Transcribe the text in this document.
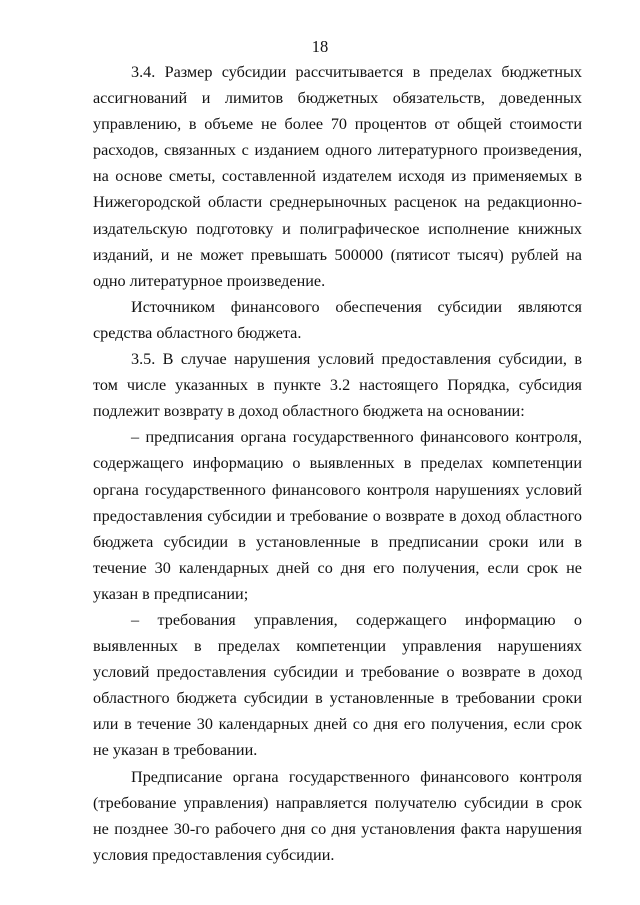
18

3.4. Размер субсидии рассчитывается в пределах бюджетных ассигнований и лимитов бюджетных обязательств, доведенных управлению, в объеме не более 70 процентов от общей стоимости расходов, связанных с изданием одного литературного произведения, на основе сметы, составленной издателем исходя из применяемых в Нижегородской области среднерыночных расценок на редакционно-издательскую подготовку и полиграфическое исполнение книжных изданий, и не может превышать 500000 (пятисот тысяч) рублей на одно литературное произведение.

Источником финансового обеспечения субсидии являются средства областного бюджета.

3.5. В случае нарушения условий предоставления субсидии, в том числе указанных в пункте 3.2 настоящего Порядка, субсидия подлежит возврату в доход областного бюджета на основании:

– предписания органа государственного финансового контроля, содержащего информацию о выявленных в пределах компетенции органа государственного финансового контроля нарушениях условий предоставления субсидии и требование о возврате в доход областного бюджета субсидии в установленные в предписании сроки или в течение 30 календарных дней со дня его получения, если срок не указан в предписании;

– требования управления, содержащего информацию о выявленных в пределах компетенции управления нарушениях условий предоставления субсидии и требование о возврате в доход областного бюджета субсидии в установленные в требовании сроки или в течение 30 календарных дней со дня его получения, если срок не указан в требовании.

Предписание органа государственного финансового контроля (требование управления) направляется получателю субсидии в срок не позднее 30-го рабочего дня со дня установления факта нарушения условия предоставления субсидии.
